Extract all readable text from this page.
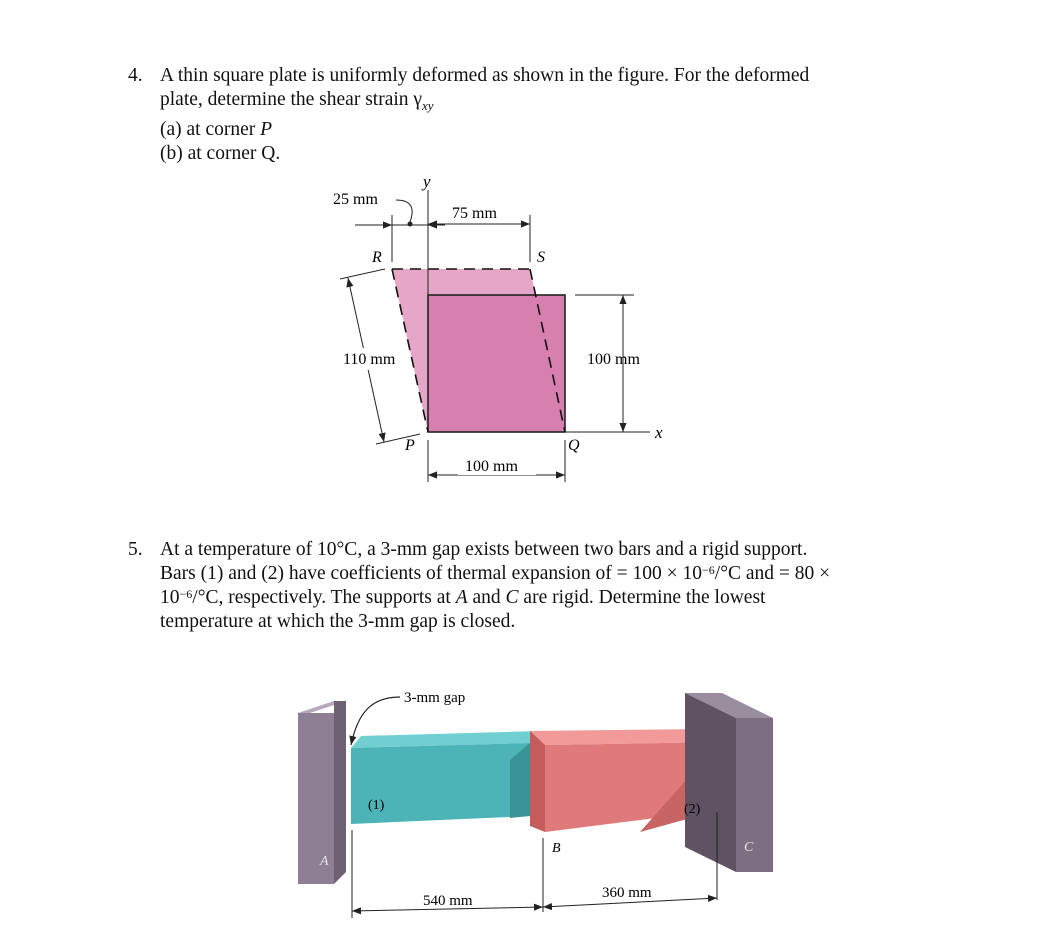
4. A thin square plate is uniformly deformed as shown in the figure. For the deformed
plate, determine the shear strain $\gamma_{xy}$
(a) at corner P
(b) at corner Q.
y
x
25 mm
75 mm
110 mm	100 mm
100 mm
R	S
P	Q
5. At a temperature of 10°C, a 3-mm gap exists between two bars and a rigid support.
Bars (1) and (2) have coefficients of thermal expansion of = $100 \times 10^{-6}/^\circ C$ and = 80 ×
$10^{-6}/^\circ C$, respectively. The supports at A and C are rigid. Determine the lowest
temperature at which the 3-mm gap is closed.
3-mm gap
(1)	(2)
A
B	C
540 mm	360 mm
